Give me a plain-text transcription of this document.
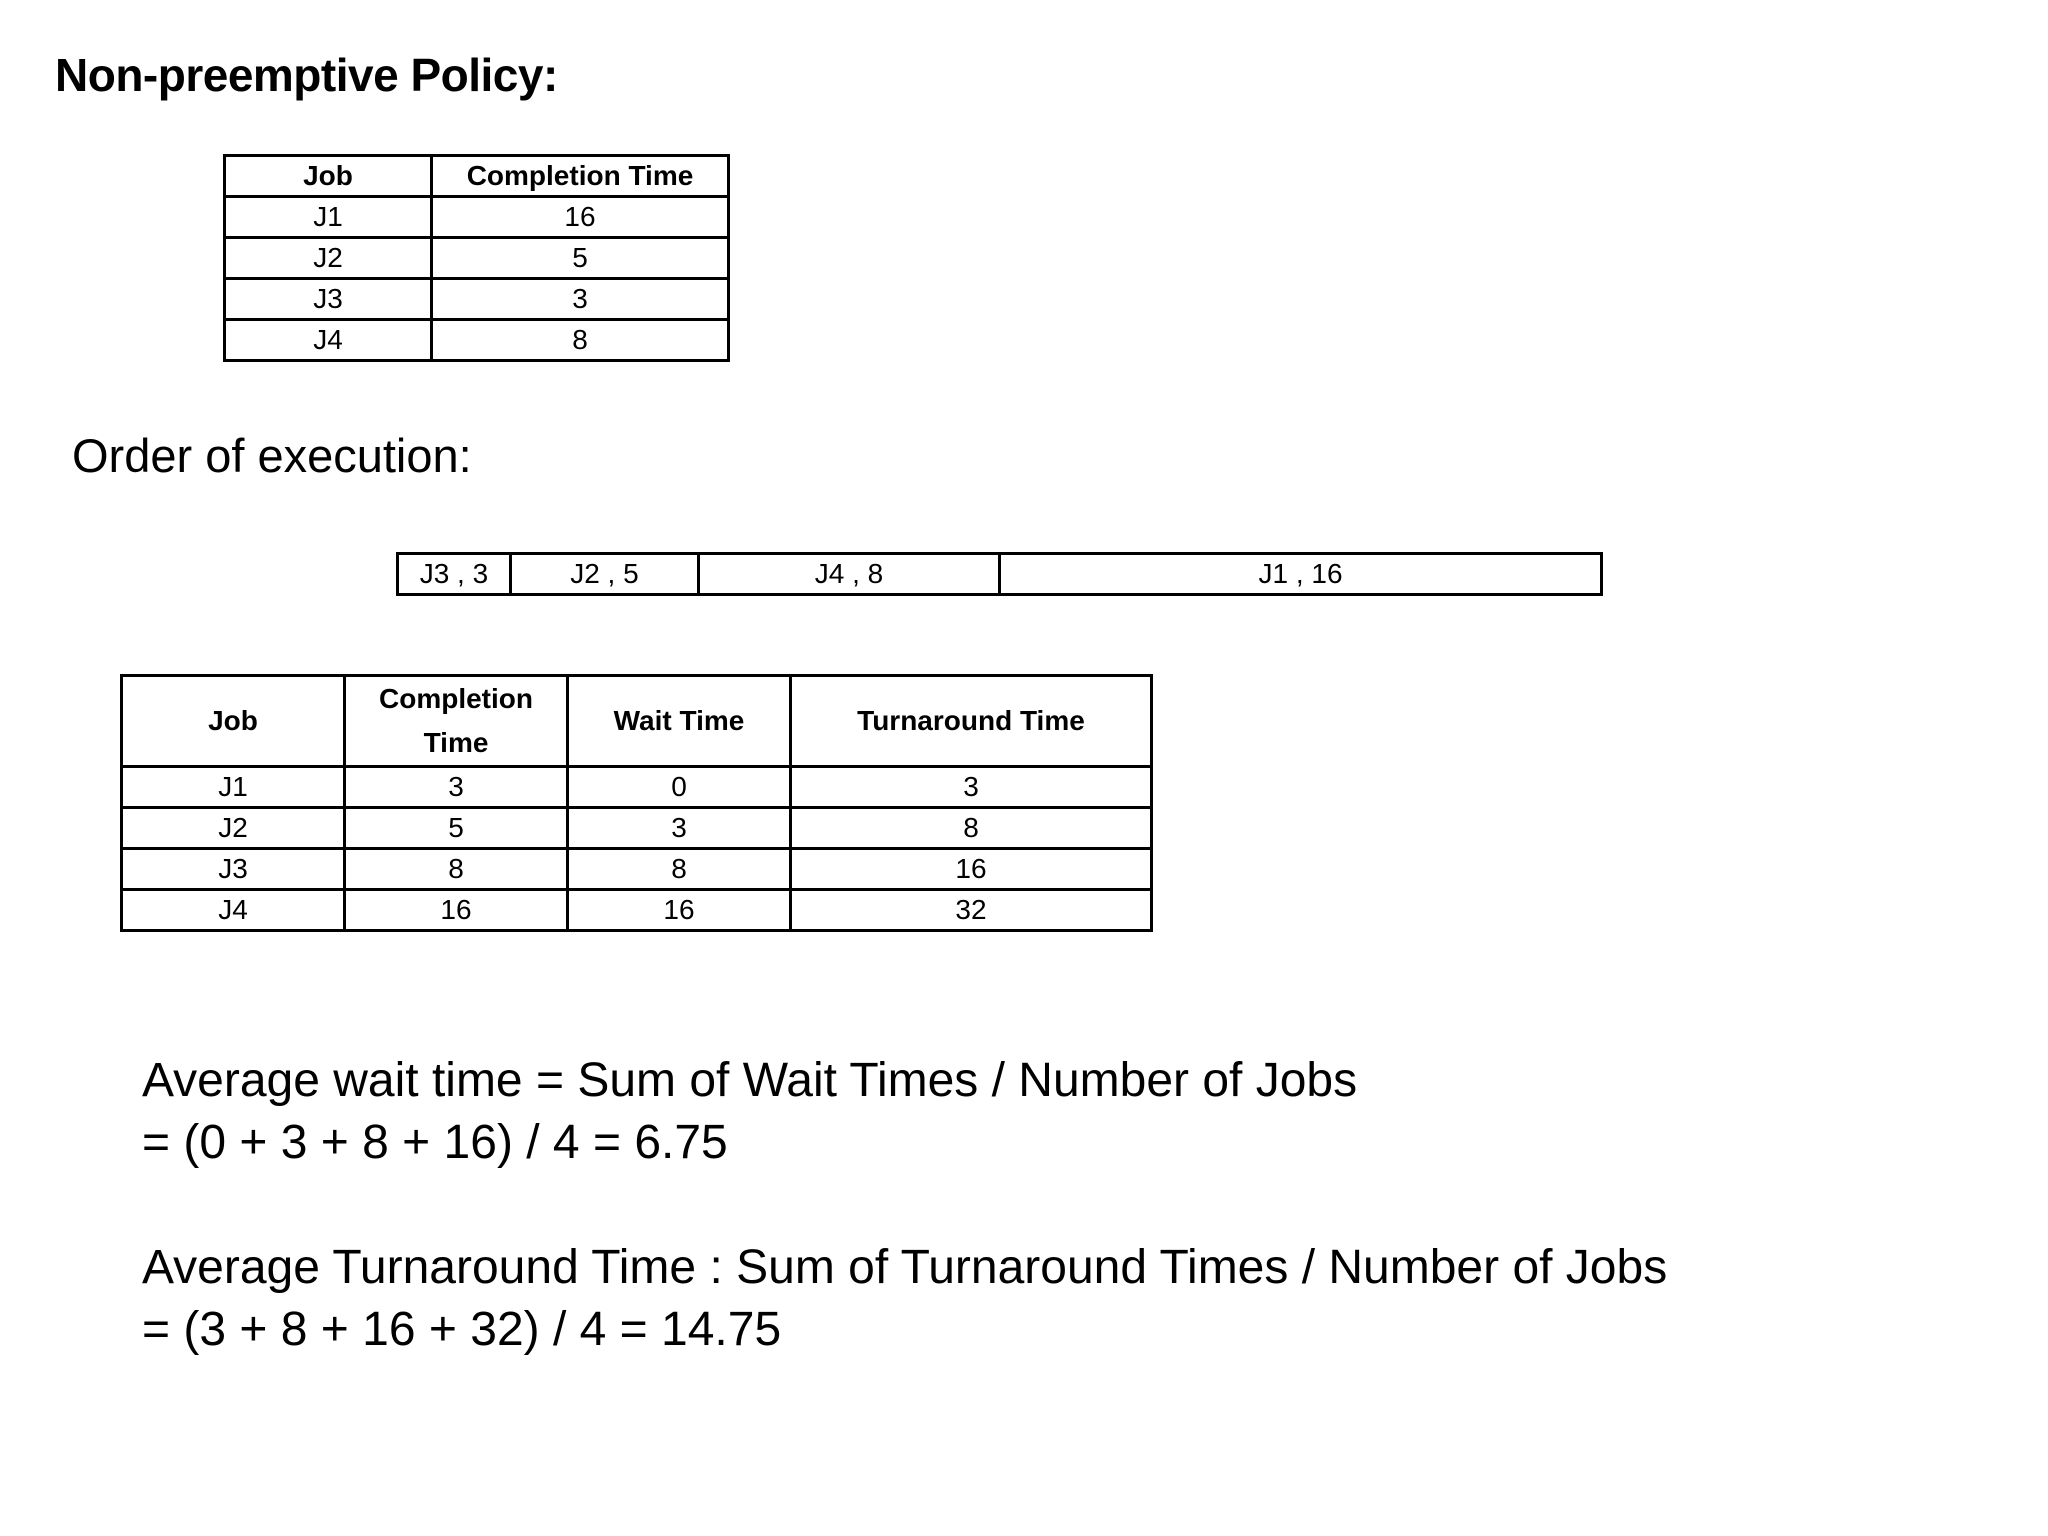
Non-preemptive Policy:
Job	Completion Time
J1	16
J2	5
J3	3
J4	8
Order of execution:
J3 , 3	J2 , 5	J4 , 8	J1 , 16
Job	Completion Time	Wait Time	Turnaround Time
J1	3	0	3
J2	5	3	8
J3	8	8	16
J4	16	16	32
Average wait time = Sum of Wait Times / Number of Jobs
= (0 + 3 + 8 + 16) / 4 = 6.75
Average Turnaround Time : Sum of Turnaround Times / Number of Jobs
= (3 + 8 + 16 + 32) / 4 = 14.75
